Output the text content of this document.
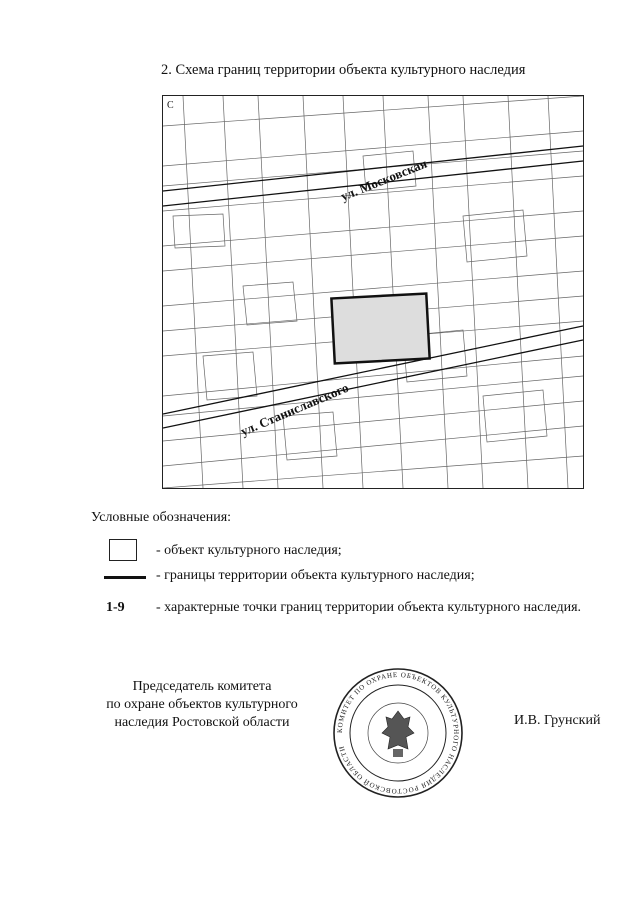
2. Схема границ территории объекта культурного наследия
С
ул. Московская
ул. Станиславского
Условные обозначения:
- объект культурного наследия;
- границы территории объекта культурного наследия;
1-9 - характерные точки границ территории объекта культурного наследия.
Председатель комитета
по охране объектов культурного
наследия Ростовской области
КОМИТЕТ ПО ОХРАНЕ ОБЪЕКТОВ КУЛЬТУРНОГО НАСЛЕДИЯ РОСТОВСКОЙ ОБЛАСТИ
И.В. Грунский
